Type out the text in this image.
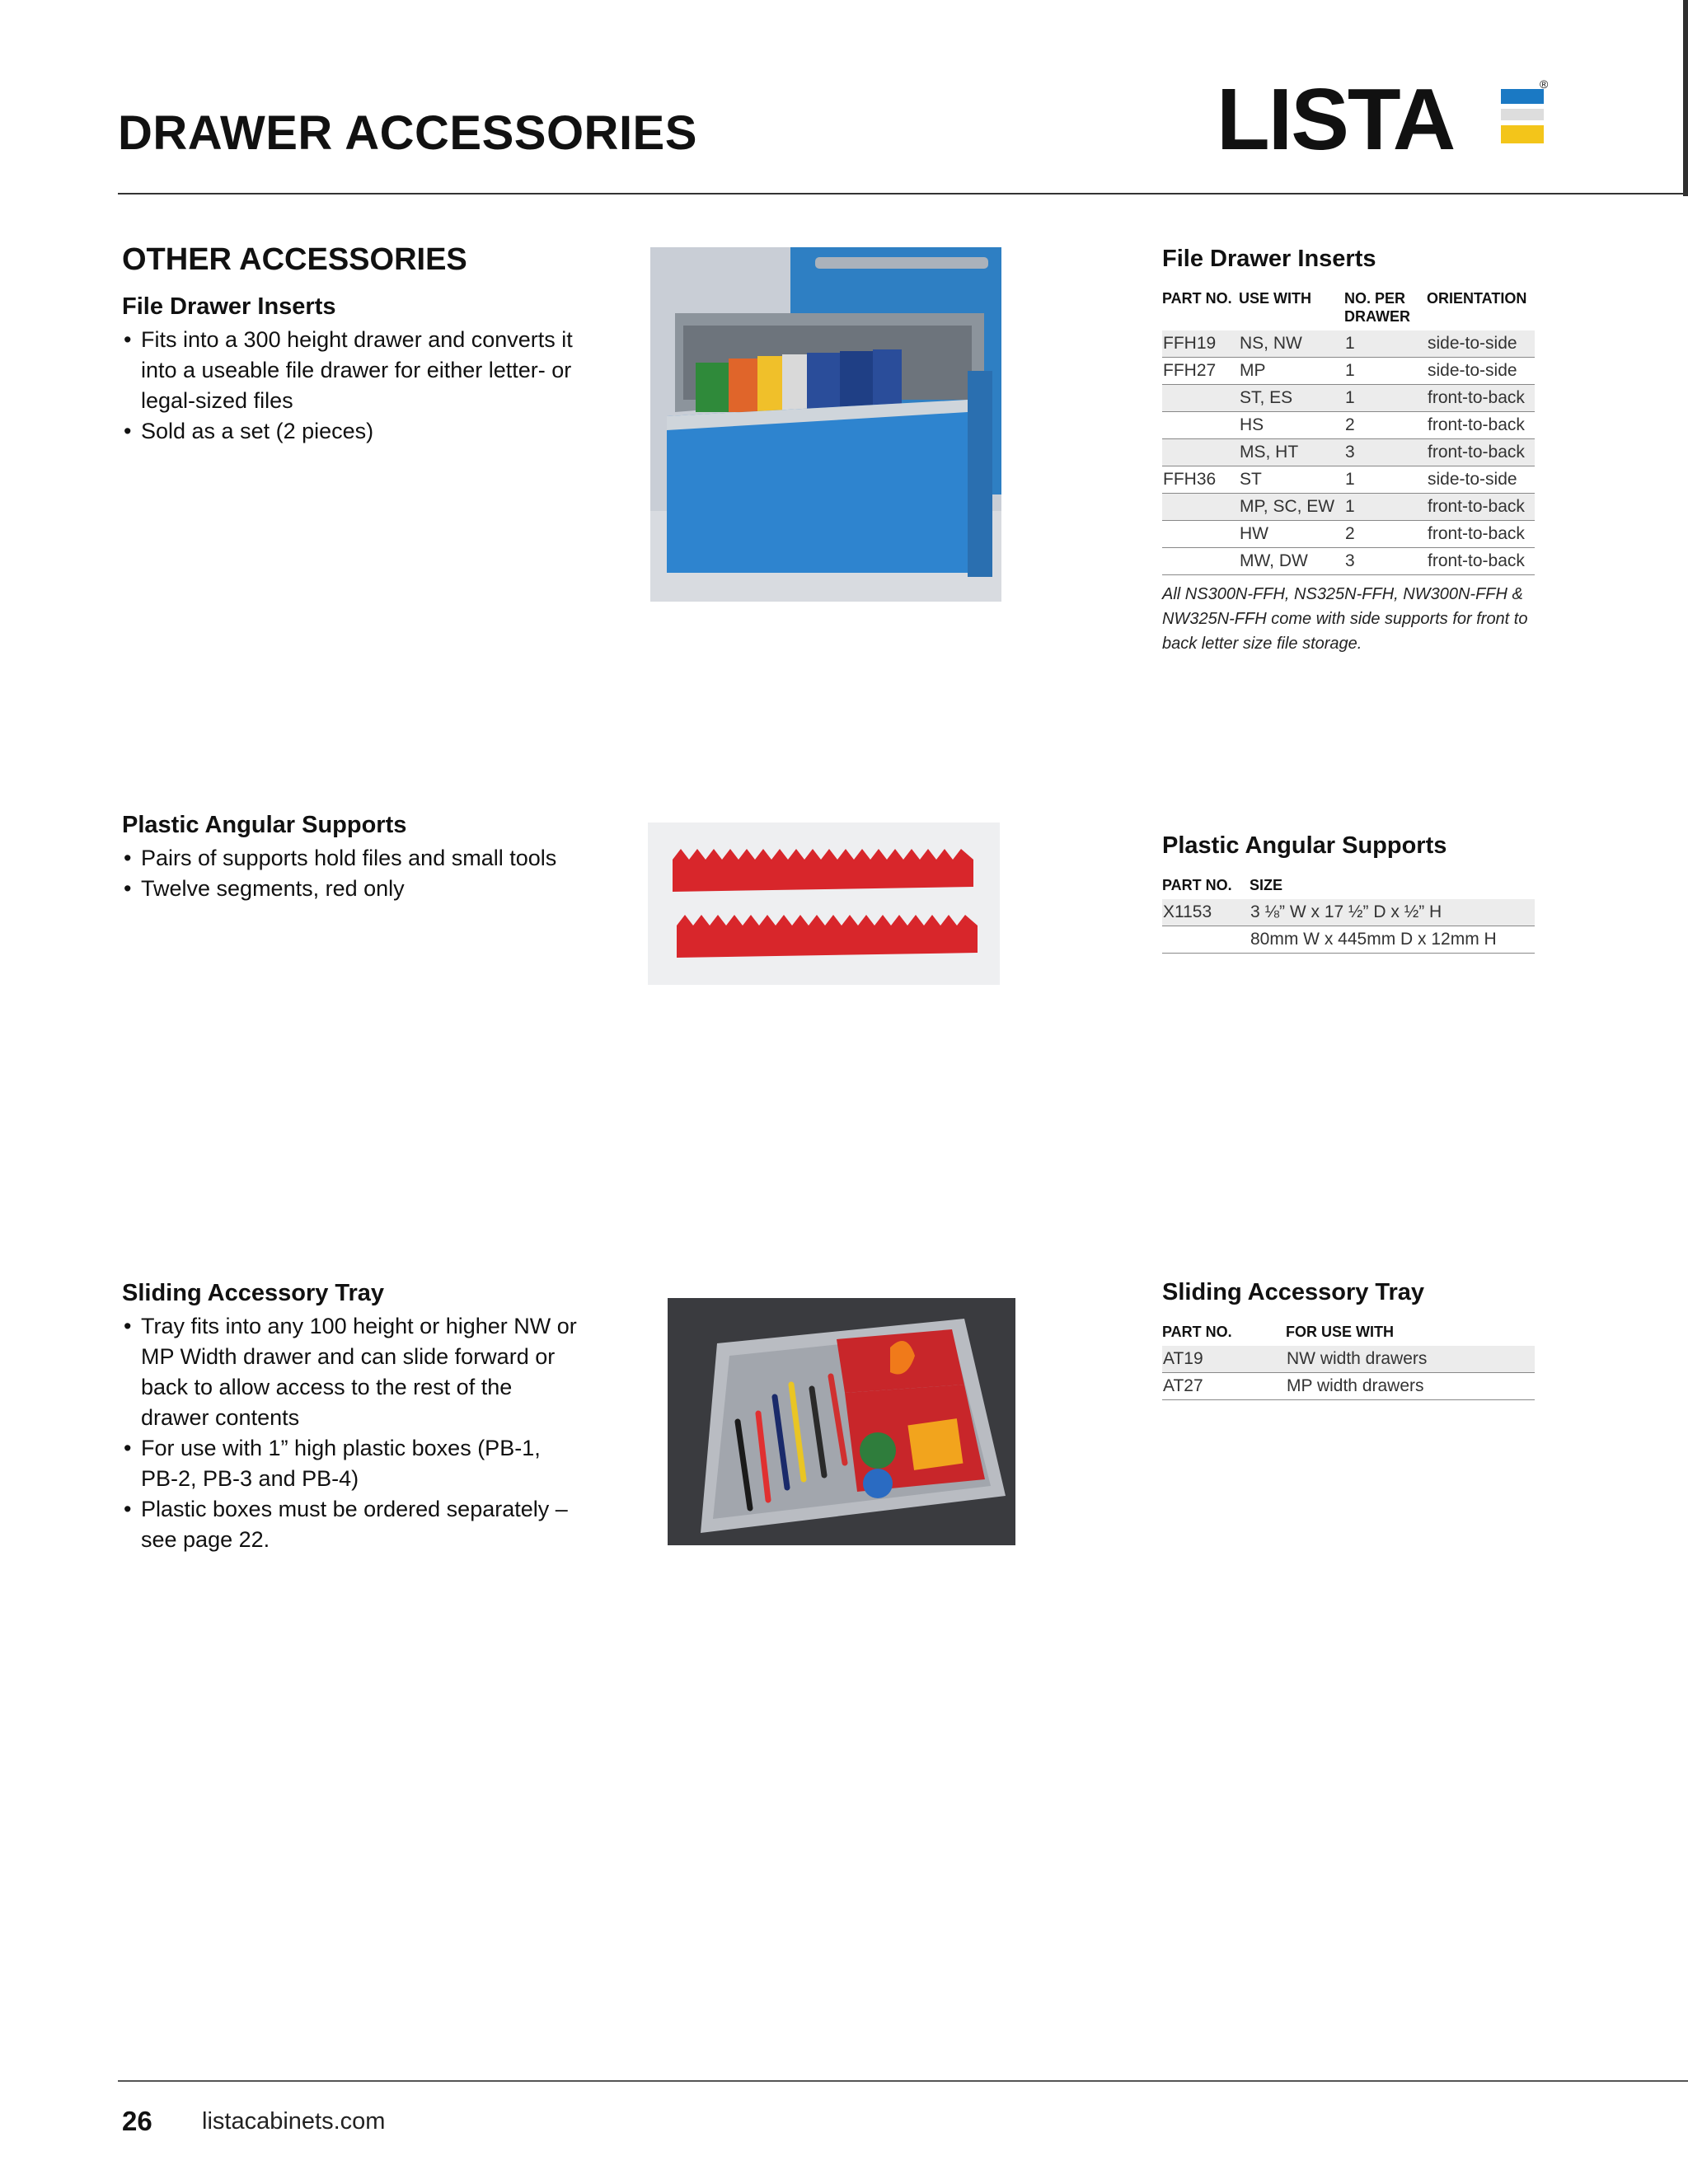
DRAWER ACCESSORIES	LISTA	®
OTHER ACCESSORIES
File Drawer Inserts
• Fits into a 300 height drawer and converts it into a useable file drawer for either letter- or legal-sized files
• Sold as a set (2 pieces)
File Drawer Inserts
PART NO.	USE WITH	NO. PER DRAWER	ORIENTATION
FFH19	NS, NW	1	side-to-side
FFH27	MP	1	side-to-side
	ST, ES	1	front-to-back
	HS	2	front-to-back
	MS, HT	3	front-to-back
FFH36	ST	1	side-to-side
	MP, SC, EW	1	front-to-back
	HW	2	front-to-back
	MW, DW	3	front-to-back
All NS300N-FFH, NS325N-FFH, NW300N-FFH & NW325N-FFH come with side supports for front to back letter size file storage.
Plastic Angular Supports
• Pairs of supports hold files and small tools
• Twelve segments, red only
Plastic Angular Supports
PART NO.	SIZE
X1153	3 ⅛” W x 17 ½” D x ½” H
	80mm W x 445mm D x 12mm H
Sliding Accessory Tray
• Tray fits into any 100 height or higher NW or MP Width drawer and can slide forward or back to allow access to the rest of the drawer contents
• For use with 1” high plastic boxes (PB-1, PB-2, PB-3 and PB-4)
• Plastic boxes must be ordered separately – see page 22.
Sliding Accessory Tray
PART NO.	FOR USE WITH
AT19	NW width drawers
AT27	MP width drawers
26 listacabinets.com
